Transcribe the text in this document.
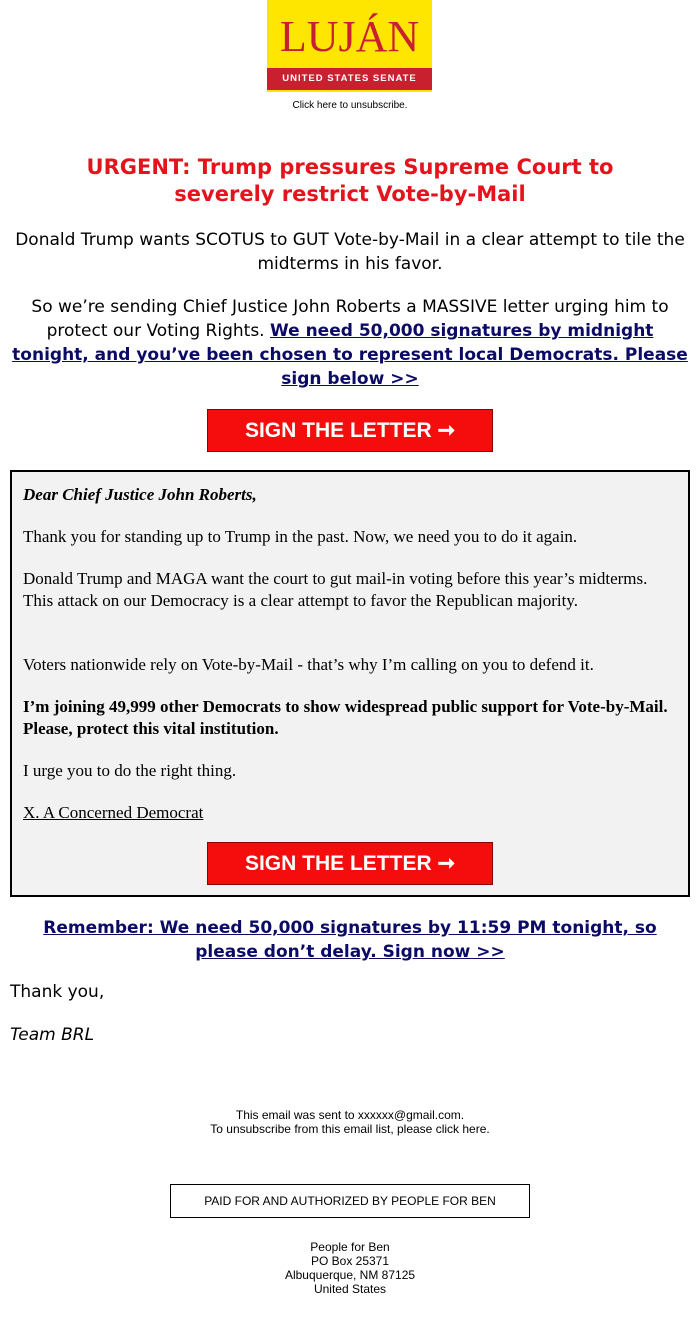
LUJÁN
UNITED STATES SENATE
Click here to unsubscribe.
URGENT: Trump pressures Supreme Court to severely restrict Vote-by-Mail
Donald Trump wants SCOTUS to GUT Vote-by-Mail in a clear attempt to tile the midterms in his favor.
So we’re sending Chief Justice John Roberts a MASSIVE letter urging him to protect our Voting Rights. We need 50,000 signatures by midnight tonight, and you’ve been chosen to represent local Democrats. Please sign below >>
SIGN THE LETTER ➞
Dear Chief Justice John Roberts,
Thank you for standing up to Trump in the past. Now, we need you to do it again.
Donald Trump and MAGA want the court to gut mail-in voting before this year’s midterms. This attack on our Democracy is a clear attempt to favor the Republican majority.
Voters nationwide rely on Vote-by-Mail - that’s why I’m calling on you to defend it.
I’m joining 49,999 other Democrats to show widespread public support for Vote-by-Mail. Please, protect this vital institution.
I urge you to do the right thing.
X. A Concerned Democrat
SIGN THE LETTER ➞
Remember: We need 50,000 signatures by 11:59 PM tonight, so please don’t delay. Sign now >>
Thank you,
Team BRL
This email was sent to xxxxxx@gmail.com.
To unsubscribe from this email list, please click here.
PAID FOR AND AUTHORIZED BY PEOPLE FOR BEN
People for Ben
PO Box 25371
Albuquerque, NM 87125
United States
